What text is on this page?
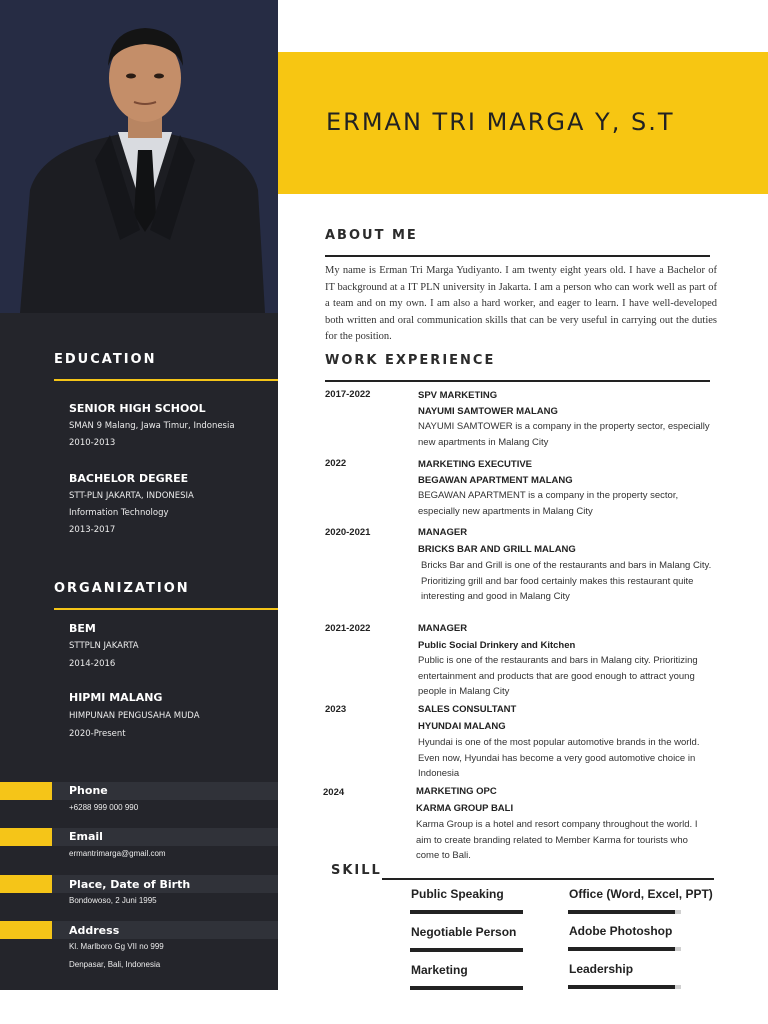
EDUCATION
SENIOR HIGH SCHOOL
SMAN 9 Malang, Jawa Timur, Indonesia
2010-2013
BACHELOR DEGREE
STT-PLN JAKARTA, INDONESIA
Information Technology
2013-2017
ORGANIZATION
BEM
STTPLN JAKARTA
2014-2016
HIPMI MALANG
HIMPUNAN PENGUSAHA MUDA
2020-Present
Phone
+6288 999 000 990
Email
ermantrimarga@gmail.com
Place, Date of Birth
Bondowoso, 2 Juni 1995
Address
Kl. Marlboro Gg VII no 999
Denpasar, Bali, Indonesia
ERMAN TRI MARGA Y, S.T
ABOUT ME
My name is Erman Tri Marga Yudiyanto. I am twenty eight years old. I have a Bachelor of IT background at a IT PLN university in Jakarta. I am a person who can work well as part of a team and on my own. I am also a hard worker, and eager to learn. I have well-developed both written and oral communication skills that can be very useful in carrying out the duties for the position.
WORK EXPERIENCE
2017-2022	SPV MARKETING
NAYUMI SAMTOWER MALANG
NAYUMI SAMTOWER is a company in the property sector, especially new apartments in Malang City
2022	MARKETING EXECUTIVE
BEGAWAN APARTMENT MALANG
BEGAWAN APARTMENT is a company in the property sector, especially new apartments in Malang City
2020-2021	MANAGER
BRICKS BAR AND GRILL MALANG
Bricks Bar and Grill is one of the restaurants and bars in Malang City. Prioritizing grill and bar food certainly makes this restaurant quite interesting and good in Malang City
2021-2022	MANAGER
Public Social Drinkery and Kitchen
Public is one of the restaurants and bars in Malang city. Prioritizing entertainment and products that are good enough to attract young people in Malang City
2023	SALES CONSULTANT
HYUNDAI MALANG
Hyundai is one of the most popular automotive brands in the world. Even now, Hyundai has become a very good automotive choice in Indonesia
2024	MARKETING OPC
KARMA GROUP BALI
Karma Group is a hotel and resort company throughout the world. I aim to create branding related to Member Karma for tourists who come to Bali.
SKILL
Public Speaking	Office (Word, Excel, PPT)
Negotiable Person	Adobe Photoshop
Marketing	Leadership
